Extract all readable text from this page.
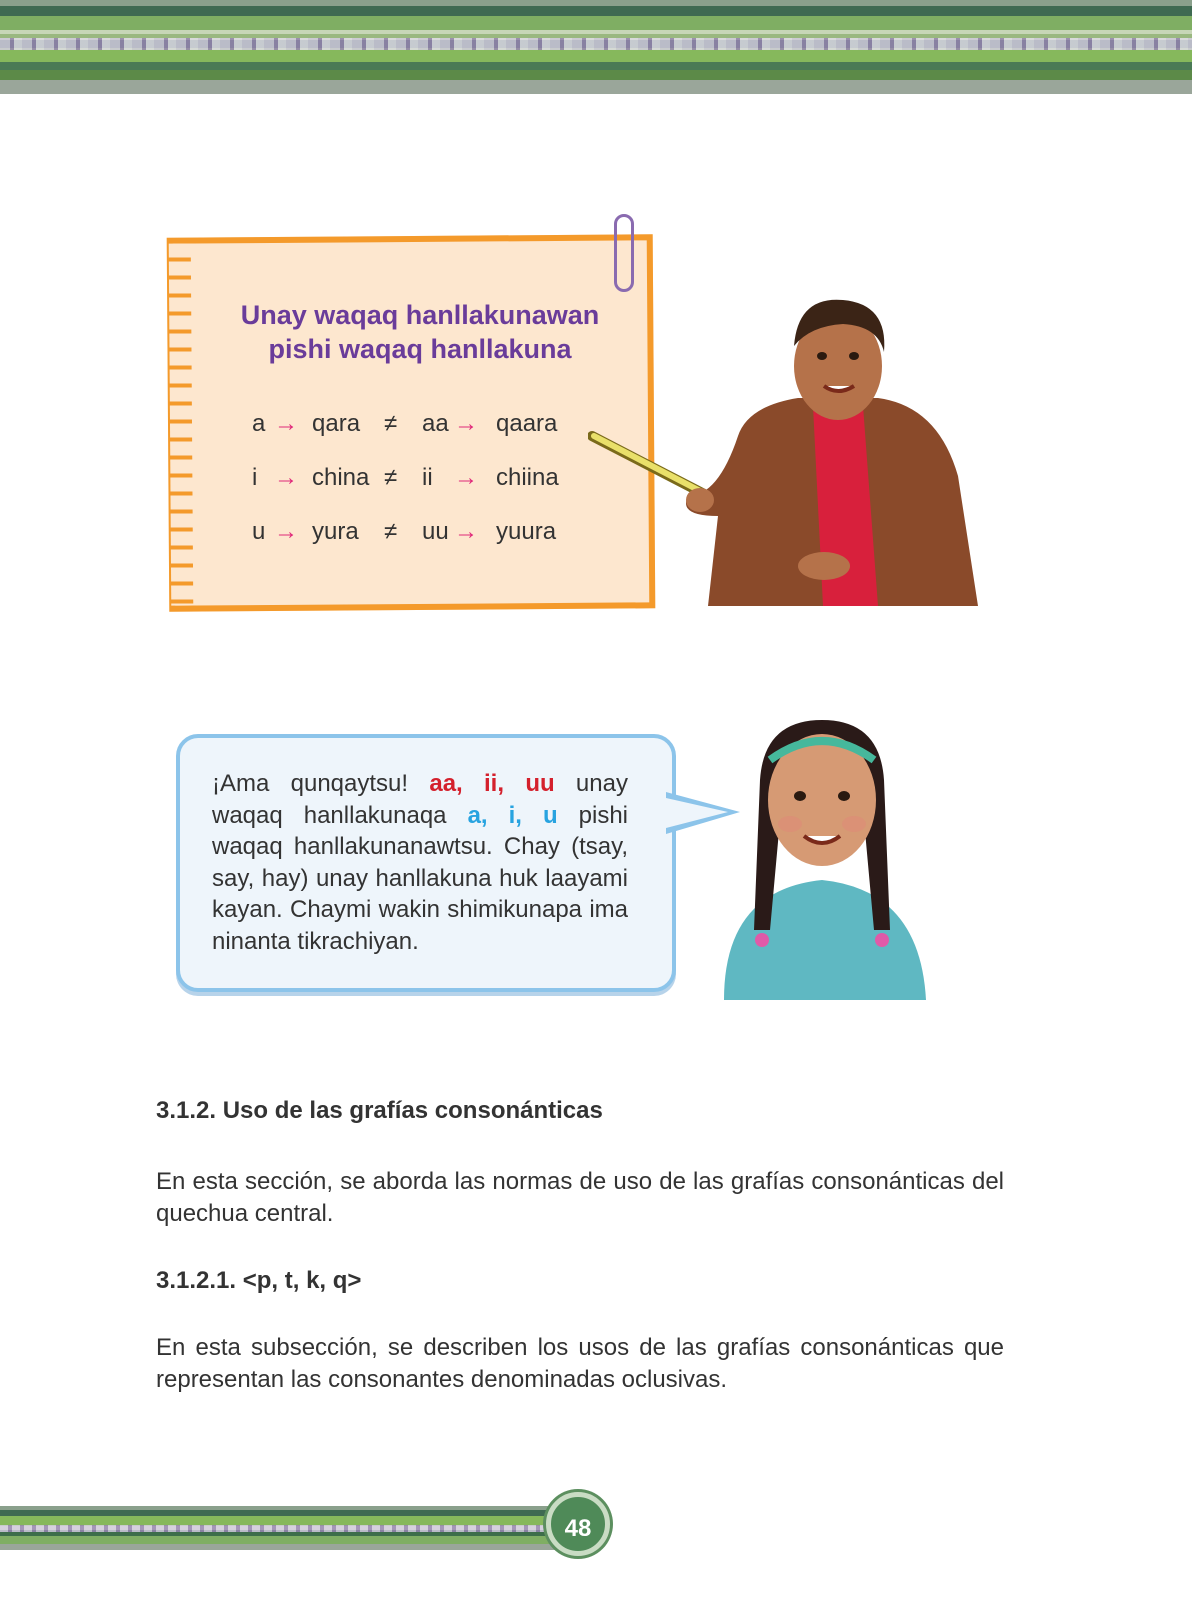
Unay waqaq hanllakunawan
pishi waqaq hanllakuna
a → qara ≠ aa → qaara
i → china ≠ ii → chiina
u → yura ≠ uu → yuura
¡Ama qunqaytsu! aa, ii, uu unay waqaq hanllakunaqa a, i, u pishi waqaq hanllakunanawtsu. Chay (tsay, say, hay) unay hanllakuna huk laayami kayan. Chaymi wakin shimikunapa ima ninanta tikrachiyan.
3.1.2. Uso de las grafías consonánticas
En esta sección, se aborda las normas de uso de las grafías consonánticas del quechua central.
3.1.2.1. <p, t, k, q>
En esta subsección, se describen los usos de las grafías consonánticas que representan las consonantes denominadas oclusivas.
48
